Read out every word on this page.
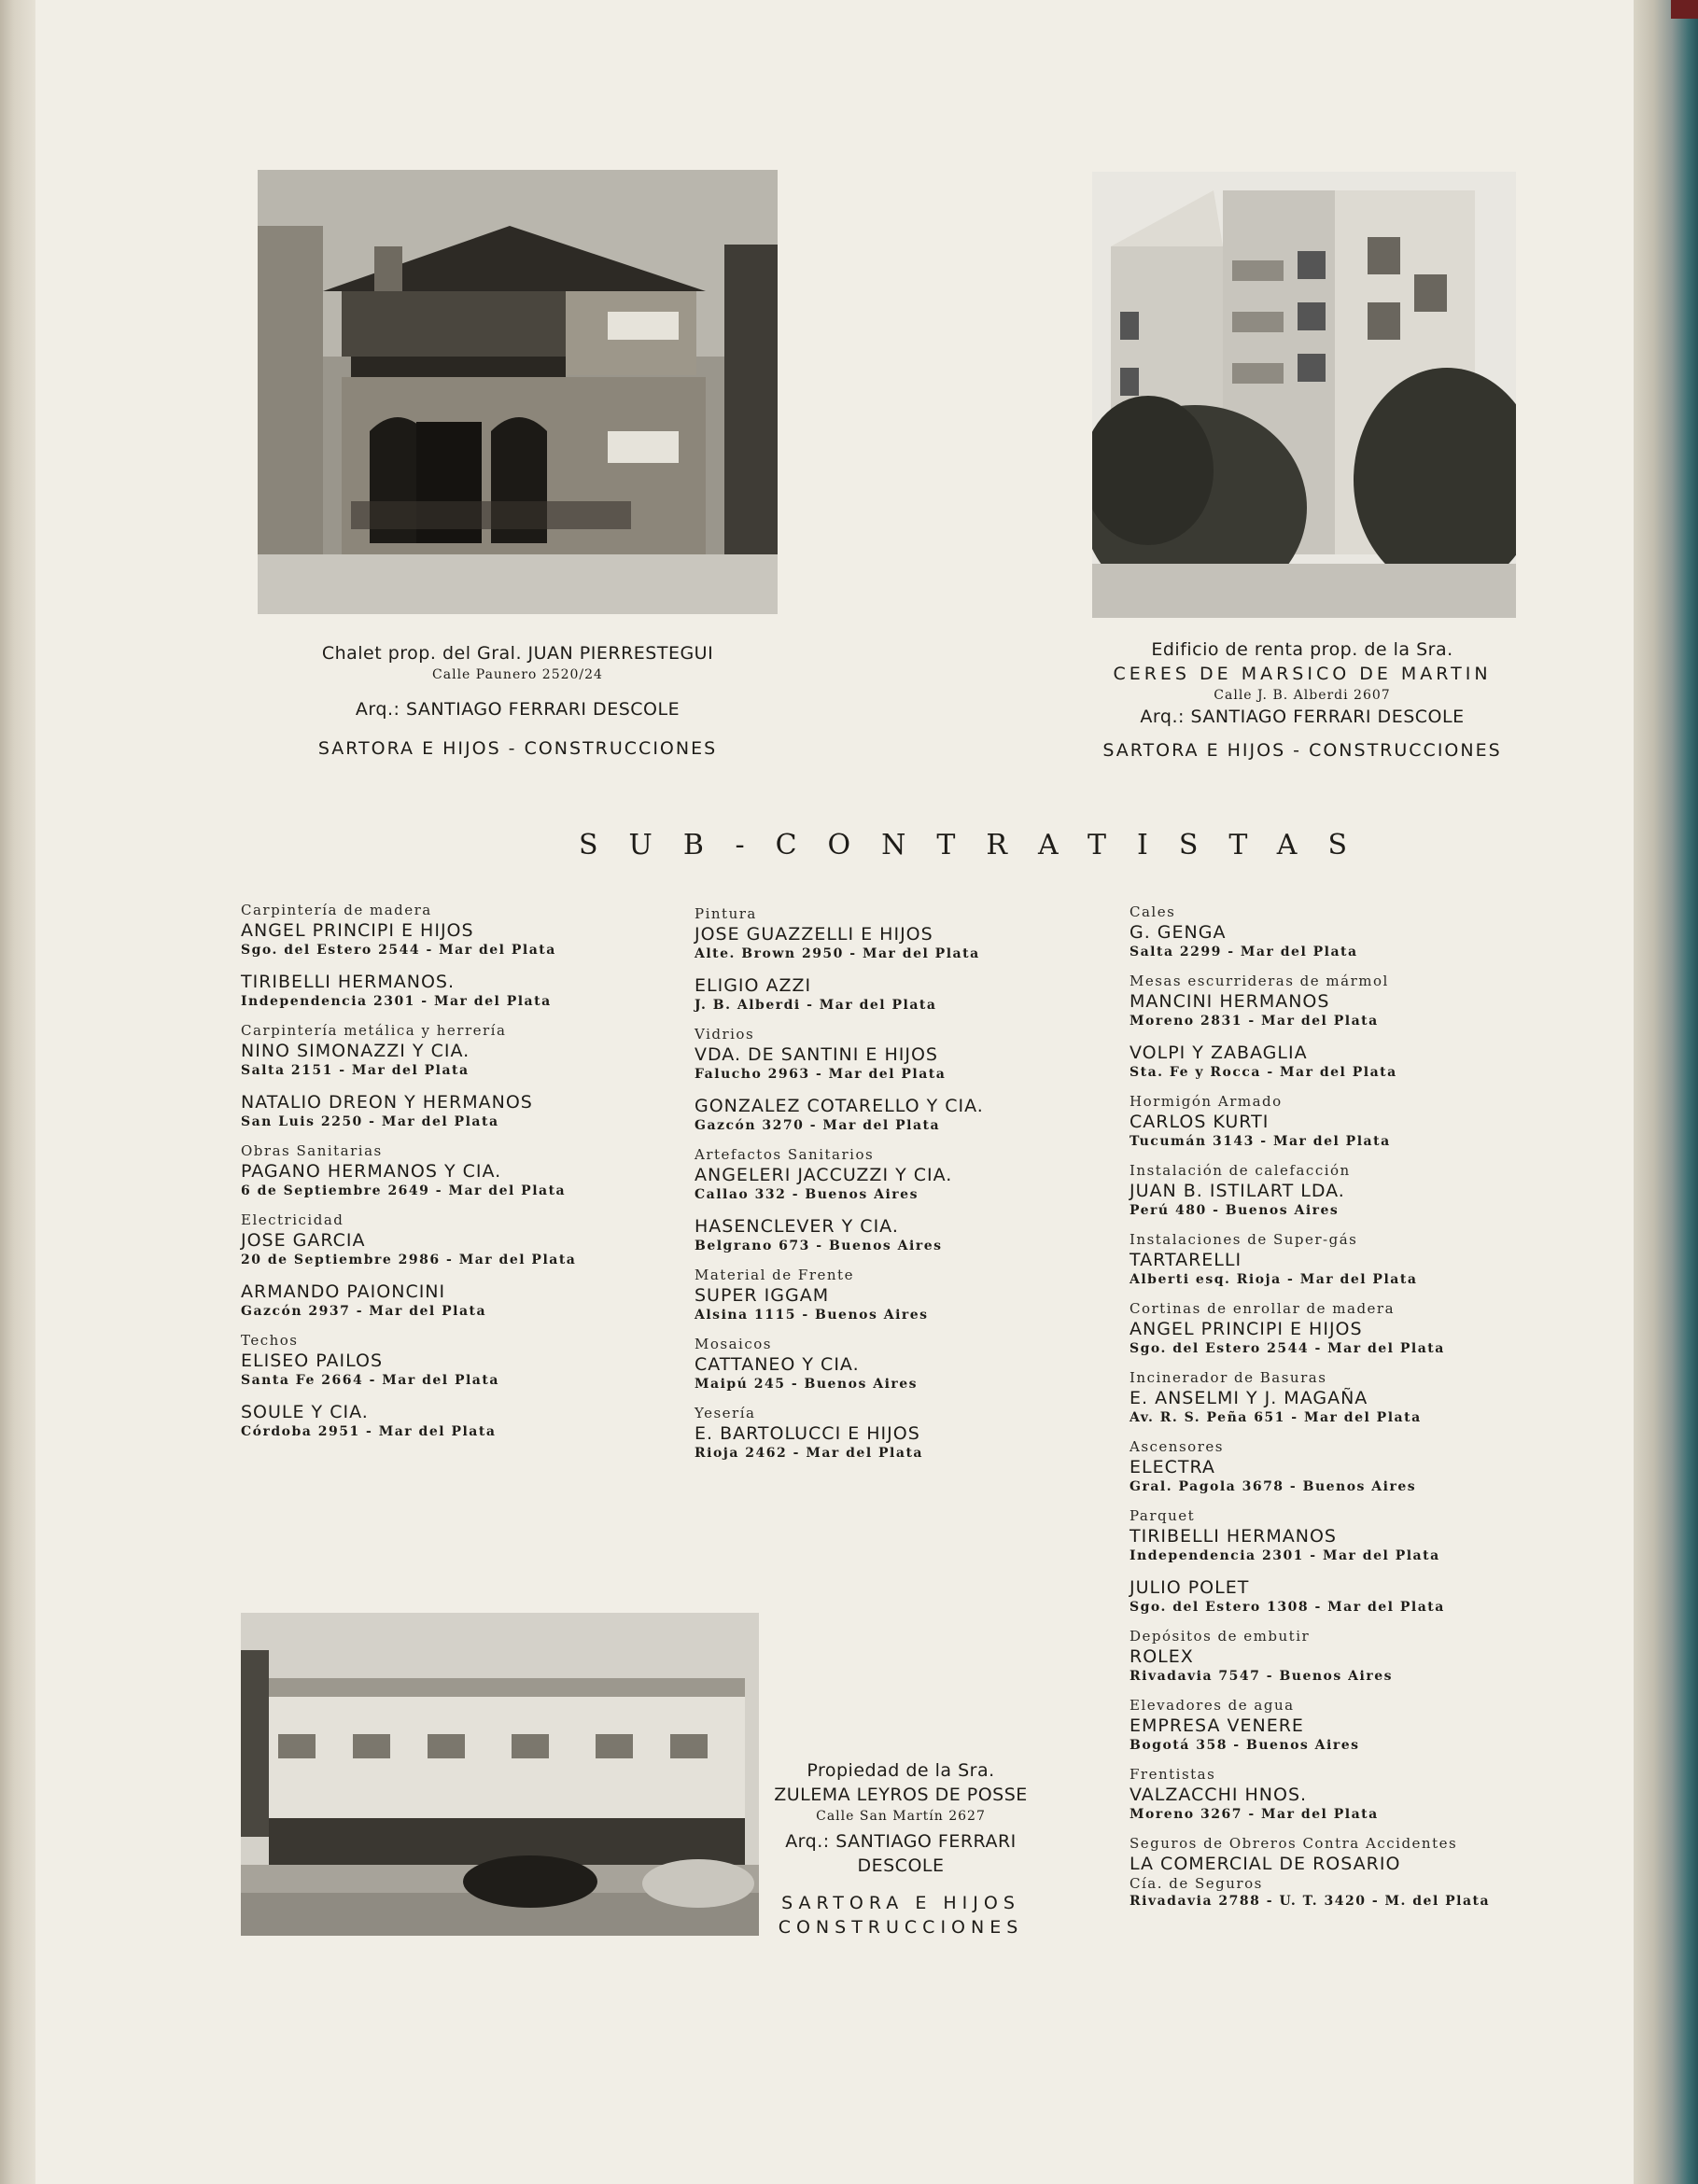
Chalet prop. del Gral. JUAN PIERRESTEGUI
Calle Paunero 2520/24
Arq.: SANTIAGO FERRARI DESCOLE
SARTORA E HIJOS - CONSTRUCCIONES
Edificio de renta prop. de la Sra.
CERES DE MARSICO DE MARTIN
Calle J. B. Alberdi 2607
Arq.: SANTIAGO FERRARI DESCOLE
SARTORA E HIJOS - CONSTRUCCIONES
SUB-CONTRATISTAS
Carpintería de madera
ANGEL PRINCIPI E HIJOS
Sgo. del Estero 2544 - Mar del Plata
TIRIBELLI HERMANOS.
Independencia 2301 - Mar del Plata
Carpintería metálica y herrería
NINO SIMONAZZI Y CIA.
Salta 2151 - Mar del Plata
NATALIO DREON Y HERMANOS
San Luis 2250 - Mar del Plata
Obras Sanitarias
PAGANO HERMANOS Y CIA.
6 de Septiembre 2649 - Mar del Plata
Electricidad
JOSE GARCIA
20 de Septiembre 2986 - Mar del Plata
ARMANDO PAIONCINI
Gazcón 2937 - Mar del Plata
Techos
ELISEO PAILOS
Santa Fe 2664 - Mar del Plata
SOULE Y CIA.
Córdoba 2951 - Mar del Plata
Pintura
JOSE GUAZZELLI E HIJOS
Alte. Brown 2950 - Mar del Plata
ELIGIO AZZI
J. B. Alberdi - Mar del Plata
Vidrios
VDA. DE SANTINI E HIJOS
Falucho 2963 - Mar del Plata
GONZALEZ COTARELLO Y CIA.
Gazcón 3270 - Mar del Plata
Artefactos Sanitarios
ANGELERI JACCUZZI Y CIA.
Callao 332 - Buenos Aires
HASENCLEVER Y CIA.
Belgrano 673 - Buenos Aires
Material de Frente
SUPER IGGAM
Alsina 1115 - Buenos Aires
Mosaicos
CATTANEO Y CIA.
Maipú 245 - Buenos Aires
Yesería
E. BARTOLUCCI E HIJOS
Rioja 2462 - Mar del Plata
Cales
G. GENGA
Salta 2299 - Mar del Plata
Mesas escurrideras de mármol
MANCINI HERMANOS
Moreno 2831 - Mar del Plata
VOLPI Y ZABAGLIA
Sta. Fe y Rocca - Mar del Plata
Hormigón Armado
CARLOS KURTI
Tucumán 3143 - Mar del Plata
Instalación de calefacción
JUAN B. ISTILART LDA.
Perú 480 - Buenos Aires
Instalaciones de Super-gás
TARTARELLI
Alberti esq. Rioja - Mar del Plata
Cortinas de enrollar de madera
ANGEL PRINCIPI E HIJOS
Sgo. del Estero 2544 - Mar del Plata
Incinerador de Basuras
E. ANSELMI Y J. MAGAÑA
Av. R. S. Peña 651 - Mar del Plata
Ascensores
ELECTRA
Gral. Pagola 3678 - Buenos Aires
Parquet
TIRIBELLI HERMANOS
Independencia 2301 - Mar del Plata
JULIO POLET
Sgo. del Estero 1308 - Mar del Plata
Depósitos de embutir
ROLEX
Rivadavia 7547 - Buenos Aires
Elevadores de agua
EMPRESA VENERE
Bogotá 358 - Buenos Aires
Frentistas
VALZACCHI HNOS.
Moreno 3267 - Mar del Plata
Seguros de Obreros Contra Accidentes
LA COMERCIAL DE ROSARIO
Cía. de Seguros
Rivadavia 2788 - U. T. 3420 - M. del Plata
Propiedad de la Sra.
ZULEMA LEYROS DE POSSE
Calle San Martín 2627
Arq.: SANTIAGO FERRARI
DESCOLE
SARTORA E HIJOS
CONSTRUCCIONES
